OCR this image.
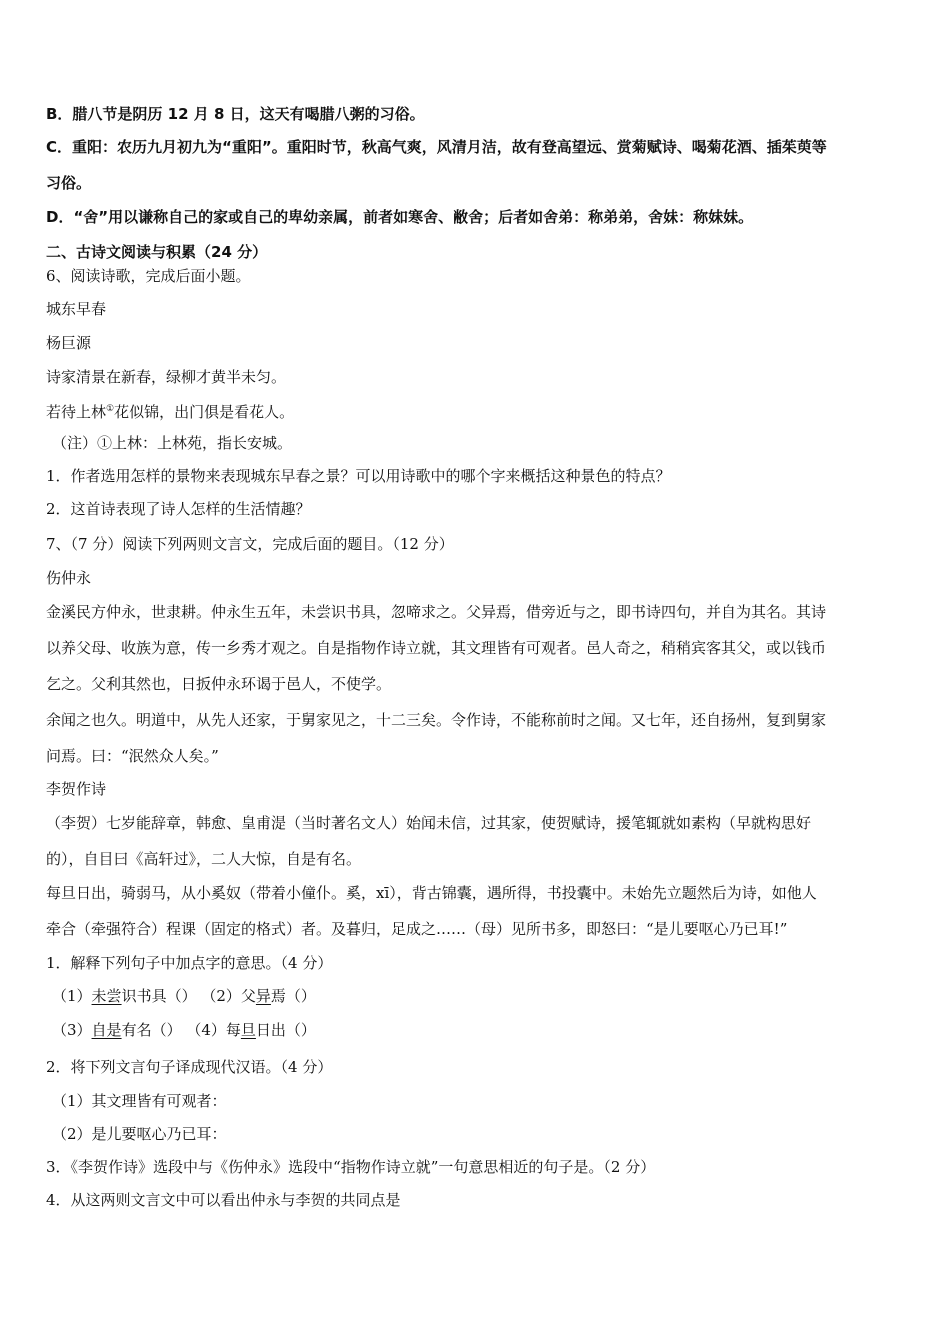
B．腊八节是阴历 12 月 8 日，这天有喝腊八粥的习俗。
C．重阳：农历九月初九为“重阳”。重阳时节，秋高气爽，风清月洁，故有登高望远、赏菊赋诗、喝菊花酒、插茱萸等
习俗。
D．“舍”用以谦称自己的家或自己的卑幼亲属，前者如寒舍、敝舍；后者如舍弟：称弟弟，舍妹：称妹妹。
二、古诗文阅读与积累（24 分）
6、阅读诗歌，完成后面小题。
城东早春
杨巨源
诗家清景在新春，绿柳才黄半未匀。
若待上林①花似锦，出门俱是看花人。
（注）①上林：上林苑，指长安城。
1．作者选用怎样的景物来表现城东早春之景？可以用诗歌中的哪个字来概括这种景色的特点？
2．这首诗表现了诗人怎样的生活情趣？
7、（7 分）阅读下列两则文言文，完成后面的题目。（12 分）
伤仲永
金溪民方仲永，世隶耕。仲永生五年，未尝识书具，忽啼求之。父异焉，借旁近与之，即书诗四句，并自为其名。其诗
以养父母、收族为意，传一乡秀才观之。自是指物作诗立就，其文理皆有可观者。邑人奇之，稍稍宾客其父，或以钱币
乞之。父利其然也，日扳仲永环谒于邑人，不使学。
余闻之也久。明道中，从先人还家，于舅家见之，十二三矣。令作诗，不能称前时之闻。又七年，还自扬州，复到舅家
问焉。曰：“泯然众人矣。”
李贺作诗
（李贺）七岁能辞章，韩愈、皇甫湜（当时著名文人）始闻未信，过其家，使贺赋诗，援笔辄就如素构（早就构思好
的），自目曰《高轩过》，二人大惊，自是有名。
每旦日出，骑弱马，从小奚奴（带着小僮仆。奚，xī），背古锦囊，遇所得，书投囊中。未始先立题然后为诗，如他人
牵合（牵强符合）程课（固定的格式）者。及暮归，足成之……（母）见所书多，即怒曰：“是儿要呕心乃已耳!”
1．解释下列句子中加点字的意思。（4 分）
（1）未尝识书具（） （2）父异焉（）
（3）自是有名（） （4）每旦日出（）
2．将下列文言句子译成现代汉语。（4 分）
（1）其文理皆有可观者：
（2）是儿要呕心乃已耳：
3．《李贺作诗》选段中与《伤仲永》选段中“指物作诗立就”一句意思相近的句子是。（2 分）
4．从这两则文言文中可以看出仲永与李贺的共同点是
